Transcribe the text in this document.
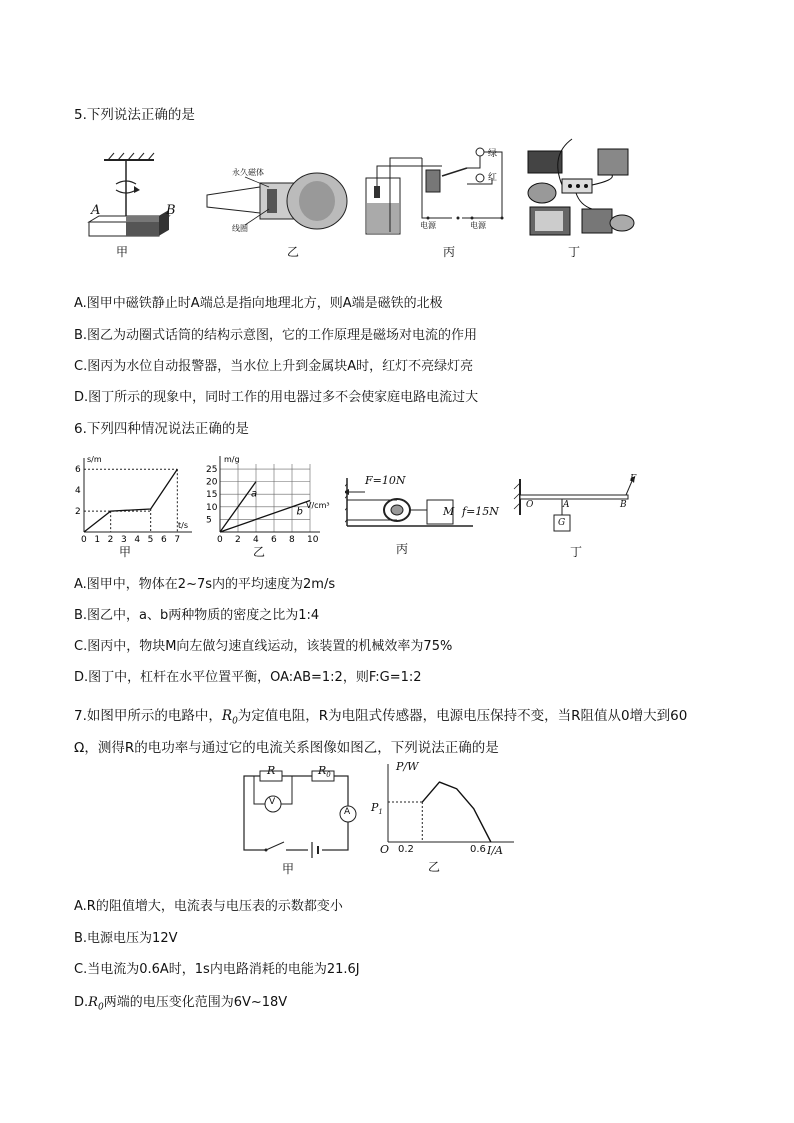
5.下列说法正确的是
A	B
甲
永久磁体
线圈
乙
绿
红
电源	电源
丙	丁
A.图甲中磁铁静止时A端总是指向地理北方，则A端是磁铁的北极
B.图乙为动圈式话筒的结构示意图，它的工作原理是磁场对电流的作用
C.图丙为水位自动报警器，当水位上升到金属块A时，红灯不亮绿灯亮
D.图丁所示的现象中，同时工作的用电器过多不会使家庭电路电流过大
6.下列四种情况说法正确的是
s/m
t/s
0 1 2 3 4 5 6 7
2
4
6
甲
m/g
V/cm³
0 2 4 6 8 10
5
10
15
20
25
a
b
乙
F=10N
M f=15N
丙
O	A	B
F
G
丁
A.图甲中，物体在2~7s内的平均速度为2m/s
B.图乙中，a、b两种物质的密度之比为1:4
C.图丙中，物块M向左做匀速直线运动，该装置的机械效率为75%
D.图丁中，杠杆在水平位置平衡，OA:AB=1:2，则F:G=1:2
7.如图甲所示的电路中，$R_0$为定值电阻，R为电阻式传感器，电源电压保持不变，当R阻值从0增大到60
Ω，测得R的电功率与通过它的电流关系图像如图乙，下列说法正确的是
R	$R_0$
V
A
甲
P/W
$P_1$
O 0.2	0.6 I/A
乙
A.R的阻值增大，电流表与电压表的示数都变小
B.电源电压为12V
C.当电流为0.6A时，1s内电路消耗的电能为21.6J
$D.R_0$两端的电压变化范围为6V~18V
